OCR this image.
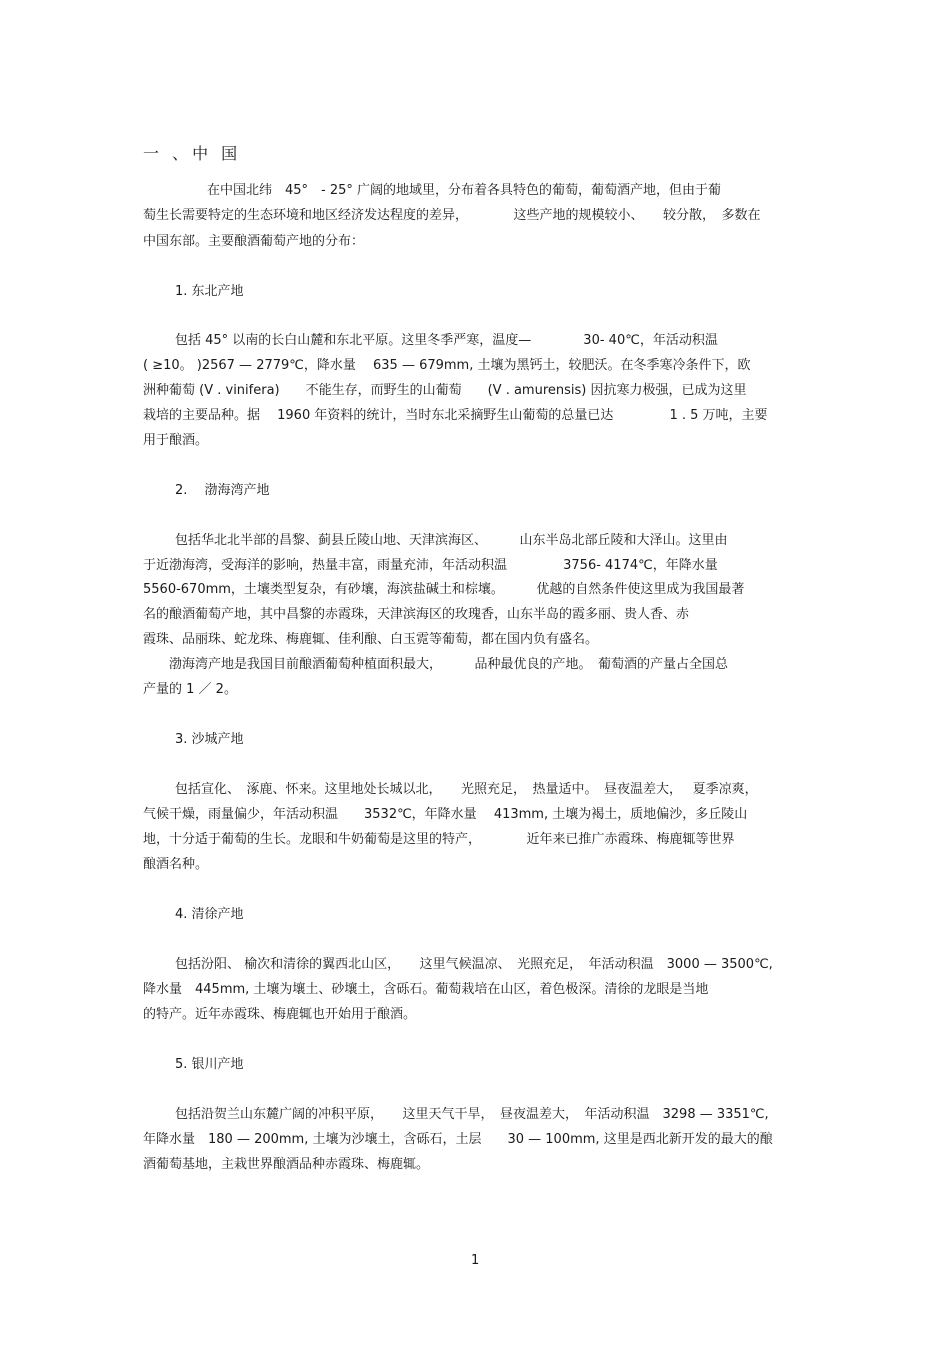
一 、中 国
在中国北纬　45°　- 25° 广阔的地域里，分布着各具特色的葡萄，葡萄酒产地，但由于葡
萄生长需要特定的生态环境和地区经济发达程度的差异，　　　　这些产地的规模较小、　　较分散，　多数在
中国东部。主要酿酒葡萄产地的分布：
1. 东北产地
包括 45° 以南的长白山麓和东北平原。这里冬季严寒，温度—　　　　30- 40℃，年活动积温
( ≥10。 )2567 — 2779℃，降水量　 635 — 679mm, 土壤为黑钙土，较肥沃。在冬季寒冷条件下，欧
洲种葡萄 (V . vinifera)　　不能生存，而野生的山葡萄　　(V . amurensis) 因抗寒力极强，已成为这里
栽培的主要品种。据　 1960 年资料的统计，当时东北采摘野生山葡萄的总量已达　　　　 1 . 5 万吨，主要
用于酿酒。
2.　 渤海湾产地
包括华北北半部的昌黎、蓟县丘陵山地、天津滨海区、　　　山东半岛北部丘陵和大泽山。这里由
于近渤海湾，受海洋的影响，热量丰富，雨量充沛，年活动积温　　　　 3756- 4174℃，年降水量
5560-670mm，土壤类型复杂，有砂壤，海滨盐碱土和棕壤。　　　优越的自然条件使这里成为我国最著
名的酿酒葡萄产地，其中昌黎的赤霞珠，天津滨海区的玫瑰香，山东半岛的霞多丽、贵人香、赤
霞珠、品丽珠、蛇龙珠、梅鹿辄、佳利酿、白玉霓等葡萄，都在国内负有盛名。
　　渤海湾产地是我国目前酿酒葡萄种植面积最大，　　　品种最优良的产地。　葡萄酒的产量占全国总
产量的 1 ／ 2。
3. 沙城产地
包括宣化、　涿鹿、怀来。这里地处长城以北，　　光照充足，　热量适中。　昼夜温差大，　 夏季凉爽，
气候干燥，雨量偏少，年活动积温　　3532℃，年降水量　 413mm, 土壤为褐土，质地偏沙，多丘陵山
地，十分适于葡萄的生长。龙眼和牛奶葡萄是这里的特产，　　　　近年来已推广赤霞珠、梅鹿辄等世界
酿酒名种。
4. 清徐产地
包括汾阳、 榆次和清徐的翼西北山区，　　这里气候温凉、　光照充足，　年活动积温　3000 — 3500℃,
降水量　445mm, 土壤为壤土、砂壤土，含砾石。葡萄栽培在山区，着色极深。清徐的龙眼是当地
的特产。近年赤霞珠、梅鹿辄也开始用于酿酒。
5. 银川产地
包括沿贺兰山东麓广阔的冲积平原，　　这里天气干旱，　昼夜温差大，　年活动积温　3298 — 3351℃,
年降水量　180 — 200mm, 土壤为沙壤土，含砾石，土层　　30 — 100mm, 这里是西北新开发的最大的酿
酒葡萄基地，主栽世界酿酒品种赤霞珠、梅鹿辄。
1
